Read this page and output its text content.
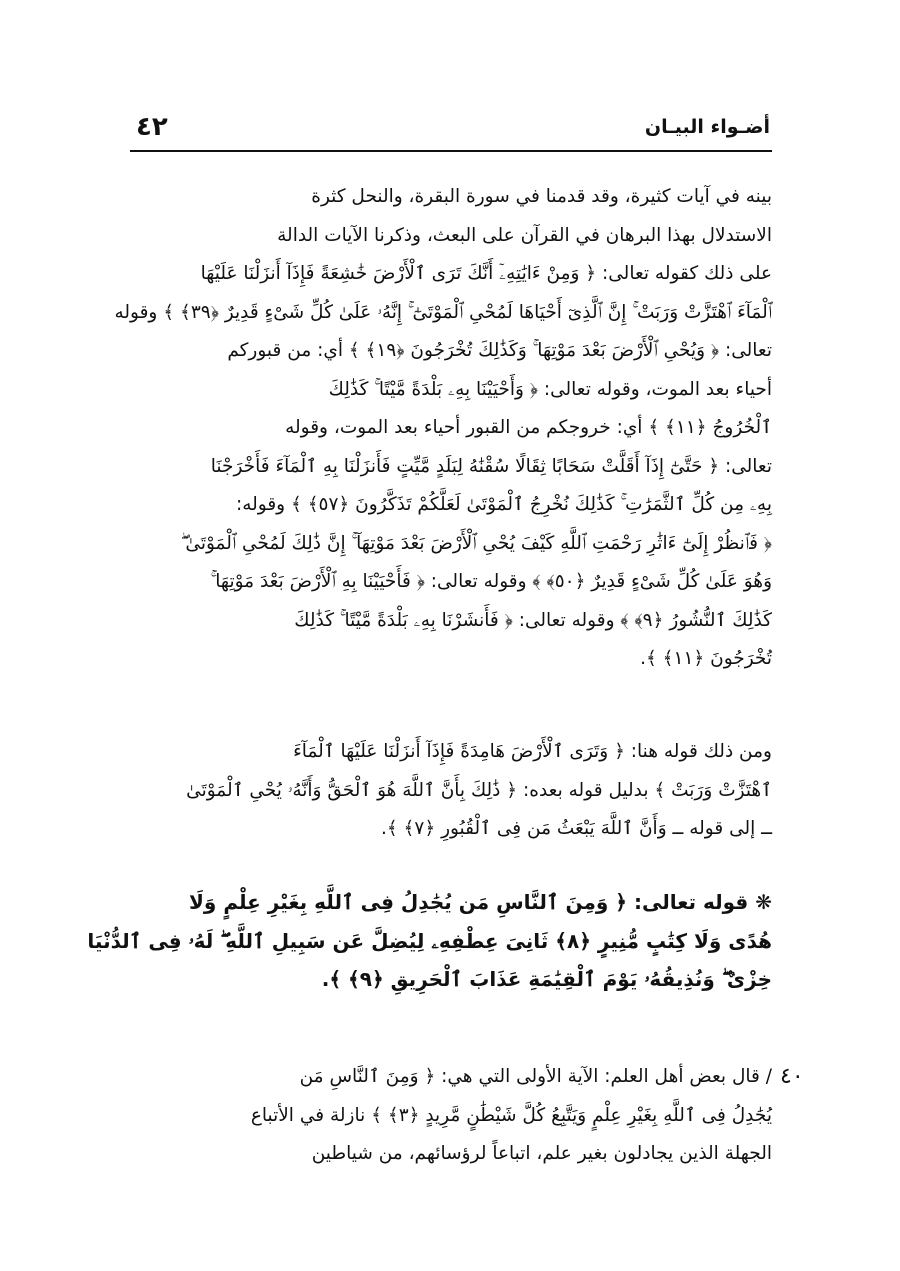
٤٢	أضـواء البيـان
بينه في آيات كثيرة، وقد قدمنا في سورة البقرة، والنحل كثرة
الاستدلال بهذا البرهان في القرآن على البعث، وذكرنا الآيات الدالة
على ذلك كقوله تعالى: ﴿ وَمِنْ ءَايَٰتِهِۦٓ أَنَّكَ تَرَى ٱلْأَرْضَ خَٰشِعَةً فَإِذَآ أَنزَلْنَا عَلَيْهَا
ٱلْمَآءَ ٱهْتَزَّتْ وَرَبَتْ ۚ إِنَّ ٱلَّذِىٓ أَحْيَاهَا لَمُحْىِ ٱلْمَوْتَىٰٓ ۚ إِنَّهُۥ عَلَىٰ كُلِّ شَىْءٍ قَدِيرٌ ﴿٣٩﴾ ﴾ وقوله
تعالى: ﴿ وَيُحْىِ ٱلْأَرْضَ بَعْدَ مَوْتِهَا ۚ وَكَذَٰلِكَ تُخْرَجُونَ ﴿١٩﴾ ﴾ أي: من قبوركم
أحياء بعد الموت، وقوله تعالى: ﴿ وَأَحْيَيْنَا بِهِۦ بَلْدَةً مَّيْتًا ۚ كَذَٰلِكَ
ٱلْخُرُوجُ ﴿١١﴾ ﴾ أي: خروجكم من القبور أحياء بعد الموت، وقوله
تعالى: ﴿ حَتَّىٰٓ إِذَآ أَقَلَّتْ سَحَابًا ثِقَالًا سُقْنَٰهُ لِبَلَدٍ مَّيِّتٍ فَأَنزَلْنَا بِهِ ٱلْمَآءَ فَأَخْرَجْنَا
بِهِۦ مِن كُلِّ ٱلثَّمَرَٰتِ ۚ كَذَٰلِكَ نُخْرِجُ ٱلْمَوْتَىٰ لَعَلَّكُمْ تَذَكَّرُونَ ﴿٥٧﴾ ﴾ وقوله:
﴿ فَٱنظُرْ إِلَىٰٓ ءَاثَٰرِ رَحْمَتِ ٱللَّهِ كَيْفَ يُحْىِ ٱلْأَرْضَ بَعْدَ مَوْتِهَآ ۚ إِنَّ ذَٰلِكَ لَمُحْىِ ٱلْمَوْتَىٰ ۖ
وَهُوَ عَلَىٰ كُلِّ شَىْءٍ قَدِيرٌ ﴿٥٠﴾ ﴾ وقوله تعالى: ﴿ فَأَحْيَيْنَا بِهِ ٱلْأَرْضَ بَعْدَ مَوْتِهَا ۚ
كَذَٰلِكَ ٱلنُّشُورُ ﴿٩﴾ ﴾ وقوله تعالى: ﴿ فَأَنشَرْنَا بِهِۦ بَلْدَةً مَّيْتًا ۚ كَذَٰلِكَ
تُخْرَجُونَ ﴿١١﴾ ﴾.
ومن ذلك قوله هنا: ﴿ وَتَرَى ٱلْأَرْضَ هَامِدَةً فَإِذَآ أَنزَلْنَا عَلَيْهَا ٱلْمَآءَ
ٱهْتَزَّتْ وَرَبَتْ ﴾ بدليل قوله بعده: ﴿ ذَٰلِكَ بِأَنَّ ٱللَّهَ هُوَ ٱلْحَقُّ وَأَنَّهُۥ يُحْىِ ٱلْمَوْتَىٰ
ــ إلى قوله ــ وَأَنَّ ٱللَّهَ يَبْعَثُ مَن فِى ٱلْقُبُورِ ﴿٧﴾ ﴾.
❋ قوله تعالى: ﴿ وَمِنَ ٱلنَّاسِ مَن يُجَٰدِلُ فِى ٱللَّهِ بِغَيْرِ عِلْمٍ وَلَا
هُدًى وَلَا كِتَٰبٍ مُّنِيرٍ ﴿٨﴾ ثَانِىَ عِطْفِهِۦ لِيُضِلَّ عَن سَبِيلِ ٱللَّهِ ۖ لَهُۥ فِى ٱلدُّنْيَا
خِزْىٌ ۖ وَنُذِيقُهُۥ يَوْمَ ٱلْقِيَٰمَةِ عَذَابَ ٱلْحَرِيقِ ﴿٩﴾ ﴾.
/ قال بعض أهل العلم: الآية الأولى التي هي: ﴿ وَمِنَ ٱلنَّاسِ مَن
يُجَٰدِلُ فِى ٱللَّهِ بِغَيْرِ عِلْمٍ وَيَتَّبِعُ كُلَّ شَيْطَٰنٍ مَّرِيدٍ ﴿٣﴾ ﴾ نازلة في الأتباع
الجهلة الذين يجادلون بغير علم، اتباعاً لرؤسائهم، من شياطين
٤٠
